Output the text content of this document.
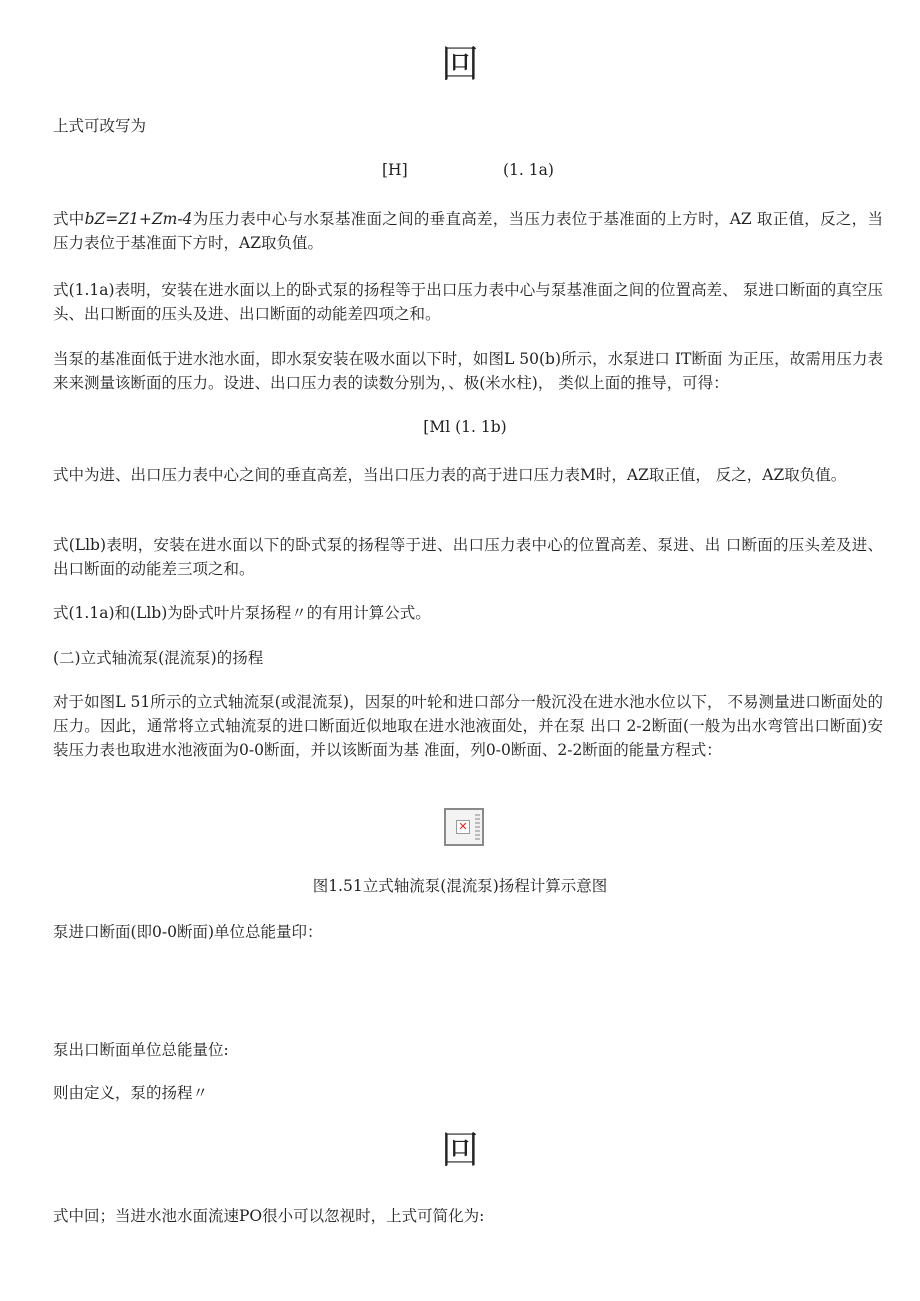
回

上式可改写为

[H]	(1. 1a)

式中bZ=Z1+Zm-4为压力表中心与水泵基准面之间的垂直高差，当压力表位于基准面的上方时，AZ 取正值，反之，当压力表位于基准面下方时，AZ取负值。

式(1.1a)表明，安装在进水面以上的卧式泵的扬程等于出口压力表中心与泵基准面之间的位置高差、 泵进口断面的真空压头、出口断面的压头及进、出口断面的动能差四项之和。

当泵的基准面低于进水池水面，即水泵安装在吸水面以下时，如图L 50(b)所示，水泵进口 IT断面 为正压，故需用压力表来来测量该断面的压力。设进、出口压力表的读数分别为，、极(米水柱)， 类似上面的推导，可得：

[Ml (1. 1b)

式中为进、出口压力表中心之间的垂直高差，当出口压力表的高于进口压力表M时，AZ取正值， 反之，AZ取负值。

式(Llb)表明，安装在进水面以下的卧式泵的扬程等于进、出口压力表中心的位置高差、泵进、出 口断面的压头差及进、出口断面的动能差三项之和。

式(1.1a)和(Llb)为卧式叶片泵扬程〃的有用计算公式。

(二)立式轴流泵(混流泵)的扬程

对于如图L 51所示的立式轴流泵(或混流泵)，因泵的叶轮和进口部分一般沉没在进水池水位以下， 不易测量进口断面处的压力。因此，通常将立式轴流泵的进口断面近似地取在进水池液面处，并在泵 出口 2-2断面(一般为出水弯管出口断面)安装压力表也取进水池液面为0-0断面，并以该断面为基 准面，列0-0断面、2-2断面的能量方程式：

✕
图1.51立式轴流泵(混流泵)扬程计算示意图

泵进口断面(即0-0断面)单位总能量印：

泵出口断面单位总能量位:

则由定义，泵的扬程〃

回

式中回；当进水池水面流速PO很小可以忽视时，上式可简化为:
